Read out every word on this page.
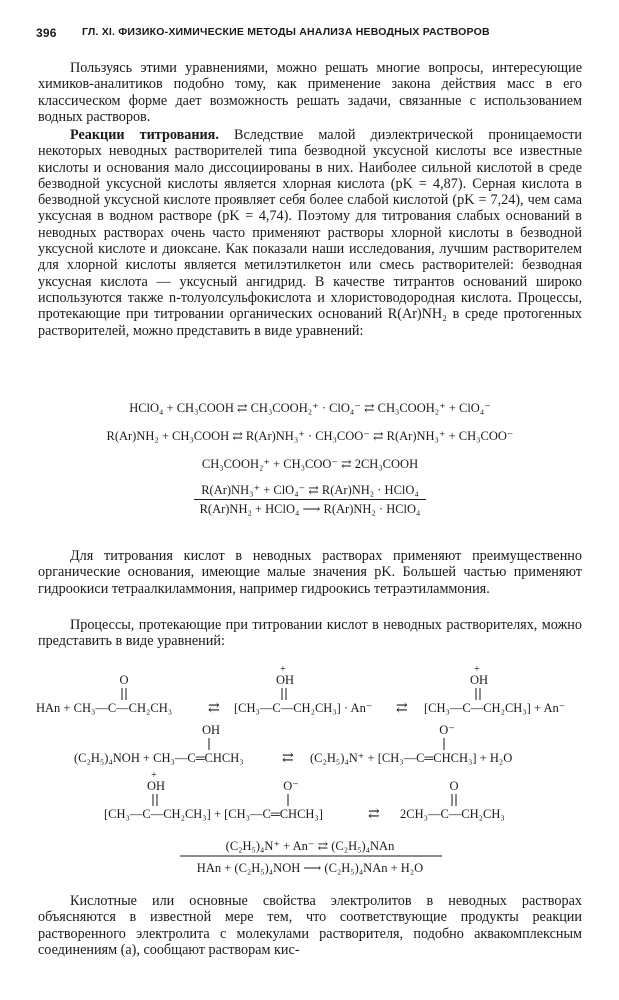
396 ГЛ. XI. ФИЗИКО-ХИМИЧЕСКИЕ МЕТОДЫ АНАЛИЗА НЕВОДНЫХ РАСТВОРОВ

Пользуясь этими уравнениями, можно решать многие вопросы, интересующие химиков-аналитиков подобно тому, как применение закона действия масс в его классическом форме дает возможность решать задачи, связанные с использованием водных растворов.

Реакции титрования. Вследствие малой диэлектрической проницаемости некоторых неводных растворителей типа безводной уксусной кислоты все известные кислоты и основания мало диссоциированы в них. Наиболее сильной кислотой в среде безводной уксусной кислоты является хлорная кислота (pK = 4,87). Серная кислота в безводной уксусной кислоте проявляет себя более слабой кислотой (pK = 7,24), чем сама уксусная в водном растворе (pK = 4,74). Поэтому для титрования слабых оснований в неводных растворах очень часто применяют растворы хлорной кислоты в безводной уксусной кислоте и диоксане. Как показали наши исследования, лучшим растворителем для хлорной кислоты является метилэтилкетон или смесь растворителей: безводная уксусная кислота — уксусный ангидрид. В качестве титрантов оснований широко используются также n-толуолсульфокислота и хлористоводородная кислота. Процессы, протекающие при титровании органических оснований R(Ar)NH₂ в среде протогенных растворителей, можно представить в виде уравнений:

HClO₄ + CH₃COOH ⇄ CH₃COOH₂⁺ · ClO₄⁻ ⇄ CH₃COOH₂⁺ + ClO₄⁻
R(Ar)NH₂ + CH₃COOH ⇄ R(Ar)NH₃⁺ · CH₃COO⁻ ⇄ R(Ar)NH₃⁺ + CH₃COO⁻
CH₃COOH₂⁺ + CH₃COO⁻ ⇄ 2CH₃COOH
$\frac{\text{R(Ar)NH₃⁺ + ClO₄⁻ ⇄ R(Ar)NH₂ · HClO₄}}{\text{R(Ar)NH₂ + HClO₄ ⟶ R(Ar)NH₂ · HClO₄}}$

Для титрования кислот в неводных растворах применяют преимущественно органические основания, имеющие малые значения pK. Большей частью применяют гидроокиси тетраалкиламмония, например гидроокись тетраэтиламмония.

Процессы, протекающие при титровании кислот в неводных растворителях, можно представить в виде уравнений:

O
HAn + CH₃—C—CH₂CH₃	⇄
+
OH
[CH₃—C—CH₂CH₃] · An⁻ ⇄
+
OH
[CH₃—C—CH₂CH₃] + An⁻
OH
(C₂H₅)₄NOH + CH₃—C═CHCH₃	⇄
O⁻
(C₂H₅)₄N⁺ + [CH₃—C═CHCH₃] + H₂O
+
OH	O⁻
[CH₃—C—CH₂CH₃] + [CH₃—C═CHCH₃]	⇄
O
2CH₃—C—CH₂CH₃
(C₂H₅)₄N⁺ + An⁻ ⇄ (C₂H₅)₄NAn
HAn + (C₂H₅)₄NOH ⟶ (C₂H₅)₄NAn + H₂O

Кислотные или основные свойства электролитов в неводных растворах объясняются в известной мере тем, что соответствующие продукты реакции растворенного электролита с молекулами растворителя, подобно аквакомплексным соединениям (а), сообщают растворам кис-
